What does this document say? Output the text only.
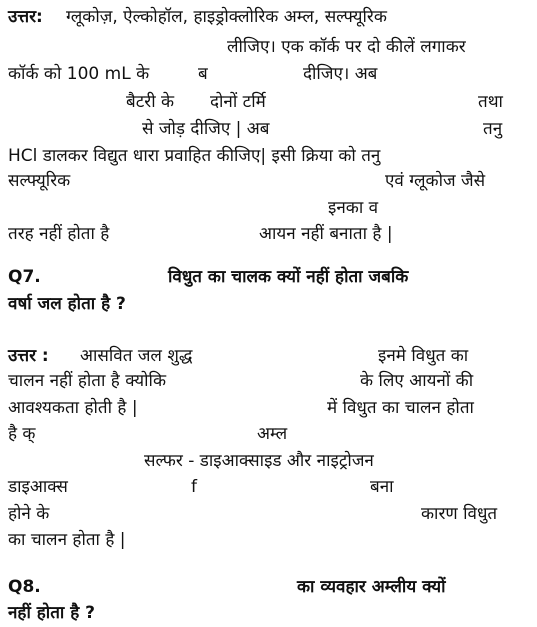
उत्तर: ग्लूकोज़, ऐल्कोहॉल, हाइड्रोक्लोरिक अम्ल, सल्फ्यूरिक
लीजिए। एक कॉर्क पर दो कीलें लगाकर
कॉर्क को 100 mL के	ब	दीजिए। अब
बैटरी के दोनों टर्मि	तथा
से जोड़ दीजिए | अब	तनु
HCl डालकर विद्युत धारा प्रवाहित कीजिए| इसी क्रिया को तनु
सल्फ्यूरिक	एवं ग्लूकोज जैसे
इनका व
तरह नहीं होता है	आयन नहीं बनाता है |
Q7.	विधुत का चालक क्यों नहीं होता जबकि
वर्षा जल होता है ?
उत्तर : आसवित जल शुद्ध	इनमे विधुत का
चालन नहीं होता है क्योकि	के लिए आयनों की
आवश्यकता होती है |	में विधुत का चालन होता
है क्	अम्ल
सल्फर - डाइआक्साइड और नाइट्रोजन
डाइआक्स	f	बना
होने के	कारण विधुत
का चालन होता है |
Q8.	का व्यवहार अम्लीय क्यों
नहीं होता है ?
